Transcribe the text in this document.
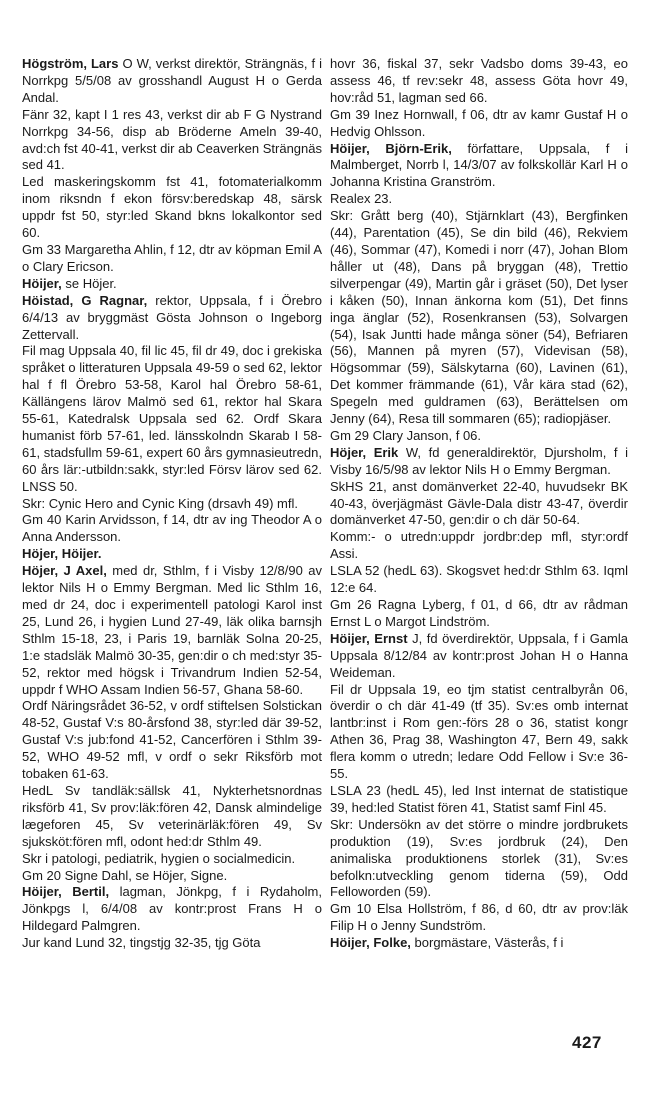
Högström, Lars O W, verkst direktör, Strängnäs, f i Norrkpg 5/5/08 av grosshandl August H o Gerda Andal.

Fänr 32, kapt I 1 res 43, verkst dir ab F G Nystrand Norrkpg 34-56, disp ab Bröderne Ameln 39-40, avd:ch fst 40-41, verkst dir ab Ceaverken Strängnäs sed 41.

Led maskeringskomm fst 41, fotomaterialkomm inom riksndn f ekon försv:beredskap 48, särsk uppdr fst 50, styr:led Skand bkns lokalkontor sed 60.

Gm 33 Margaretha Ahlin, f 12, dtr av köpman Emil A o Clary Ericson.

Höijer, se Höjer.

Höistad, G Ragnar, rektor, Uppsala, f i Örebro 6/4/13 av bryggmäst Gösta Johnson o Ingeborg Zettervall.

Fil mag Uppsala 40, fil lic 45, fil dr 49, doc i grekiska språket o litteraturen Uppsala 49-59 o sed 62, lektor hal f fl Örebro 53-58, Karol hal Örebro 58-61, Källängens lärov Malmö sed 61, rektor hal Skara 55-61, Katedralsk Uppsala sed 62. Ordf Skara humanist förb 57-61, led. länsskolndn Skarab I 58-61, stadsfullm 59-61, expert 60 års gymnasieutredn, 60 års lär:-utbildn:sakk, styr:led Försv lärov sed 62. LNSS 50.

Skr: Cynic Hero and Cynic King (drsavh 49) mfl.

Gm 40 Karin Arvidsson, f 14, dtr av ing Theodor A o Anna Andersson.

Höjer, Höijer.

Höjer, J Axel, med dr, Sthlm, f i Visby 12/8/90 av lektor Nils H o Emmy Bergman. Med lic Sthlm 16, med dr 24, doc i experimentell patologi Karol inst 25, Lund 26, i hygien Lund 27-49, läk olika barnsjh Sthlm 15-18, 23, i Paris 19, barnläk Solna 20-25, 1:e stadsläk Malmö 30-35, gen:dir o ch med:styr 35-52, rektor med högsk i Trivandrum Indien 52-54, uppdr f WHO Assam Indien 56-57, Ghana 58-60.

Ordf Näringsrådet 36-52, v ordf stiftelsen Solstickan 48-52, Gustaf V:s 80-årsfond 38, styr:led där 39-52, Gustaf V:s jub:fond 41-52, Cancerfören i Sthlm 39-52, WHO 49-52 mfl, v ordf o sekr Riksförb mot tobaken 61-63.

HedL Sv tandläk:sällsk 41, Nykterhetsnordnas riksförb 41, Sv prov:läk:fören 42, Dansk almindelige lægeforen 45, Sv veterinärläk:fören 49, Sv sjuksköt:fören mfl, odont hed:dr Sthlm 49.

Skr i patologi, pediatrik, hygien o socialmedicin.

Gm 20 Signe Dahl, se Höjer, Signe.

Höijer, Bertil, lagman, Jönkpg, f i Rydaholm, Jönkpgs l, 6/4/08 av kontr:prost Frans H o Hildegard Palmgren.

Jur kand Lund 32, tingstjg 32-35, tjg Göta

hovr 36, fiskal 37, sekr Vadsbo doms 39-43, eo assess 46, tf rev:sekr 48, assess Göta hovr 49, hov:råd 51, lagman sed 66.

Gm 39 Inez Hornwall, f 06, dtr av kamr Gustaf H o Hedvig Ohlsson.

Höijer, Björn-Erik, författare, Uppsala, f i Malmberget, Norrb l, 14/3/07 av folkskollär Karl H o Johanna Kristina Granström.

Realex 23.

Skr: Grått berg (40), Stjärnklart (43), Bergfinken (44), Parentation (45), Se din bild (46), Rekviem (46), Sommar (47), Komedi i norr (47), Johan Blom håller ut (48), Dans på bryggan (48), Trettio silverpengar (49), Martin går i gräset (50), Det lyser i kåken (50), Innan änkorna kom (51), Det finns inga änglar (52), Rosenkransen (53), Solvargen (54), Isak Juntti hade många söner (54), Befriaren (56), Mannen på myren (57), Videvisan (58), Högsommar (59), Sälskytarna (60), Lavinen (61), Det kommer främmande (61), Vår kära stad (62), Spegeln med guldramen (63), Berättelsen om Jenny (64), Resa till sommaren (65); radiopjäser.

Gm 29 Clary Janson, f 06.

Höjer, Erik W, fd generaldirektör, Djursholm, f i Visby 16/5/98 av lektor Nils H o Emmy Bergman.

SkHS 21, anst domänverket 22-40, huvudsekr BK 40-43, överjägmäst Gävle-Dala distr 43-47, överdir domänverket 47-50, gen:dir o ch där 50-64.

Komm:- o utredn:uppdr jordbr:dep mfl, styr:ordf Assi.

LSLA 52 (hedL 63). Skogsvet hed:dr Sthlm 63. Iqml 12:e 64.

Gm 26 Ragna Lyberg, f 01, d 66, dtr av rådman Ernst L o Margot Lindström.

Höijer, Ernst J, fd överdirektör, Uppsala, f i Gamla Uppsala 8/12/84 av kontr:prost Johan H o Hanna Weideman.

Fil dr Uppsala 19, eo tjm statist centralbyrån 06, överdir o ch där 41-49 (tf 35). Sv:es omb internat lantbr:inst i Rom gen:-förs 28 o 36, statist kongr Athen 36, Prag 38, Washington 47, Bern 49, sakk flera komm o utredn; ledare Odd Fellow i Sv:e 36-55.

LSLA 23 (hedL 45), led Inst internat de statistique 39, hed:led Statist fören 41, Statist samf Finl 45.

Skr: Undersökn av det större o mindre jordbrukets produktion (19), Sv:es jordbruk (24), Den animaliska produktionens storlek (31), Sv:es befolkn:utveckling genom tiderna (59), Odd Felloworden (59).

Gm 10 Elsa Hollström, f 86, d 60, dtr av prov:läk Filip H o Jenny Sundström.

Höijer, Folke, borgmästare, Västerås, f i

427
